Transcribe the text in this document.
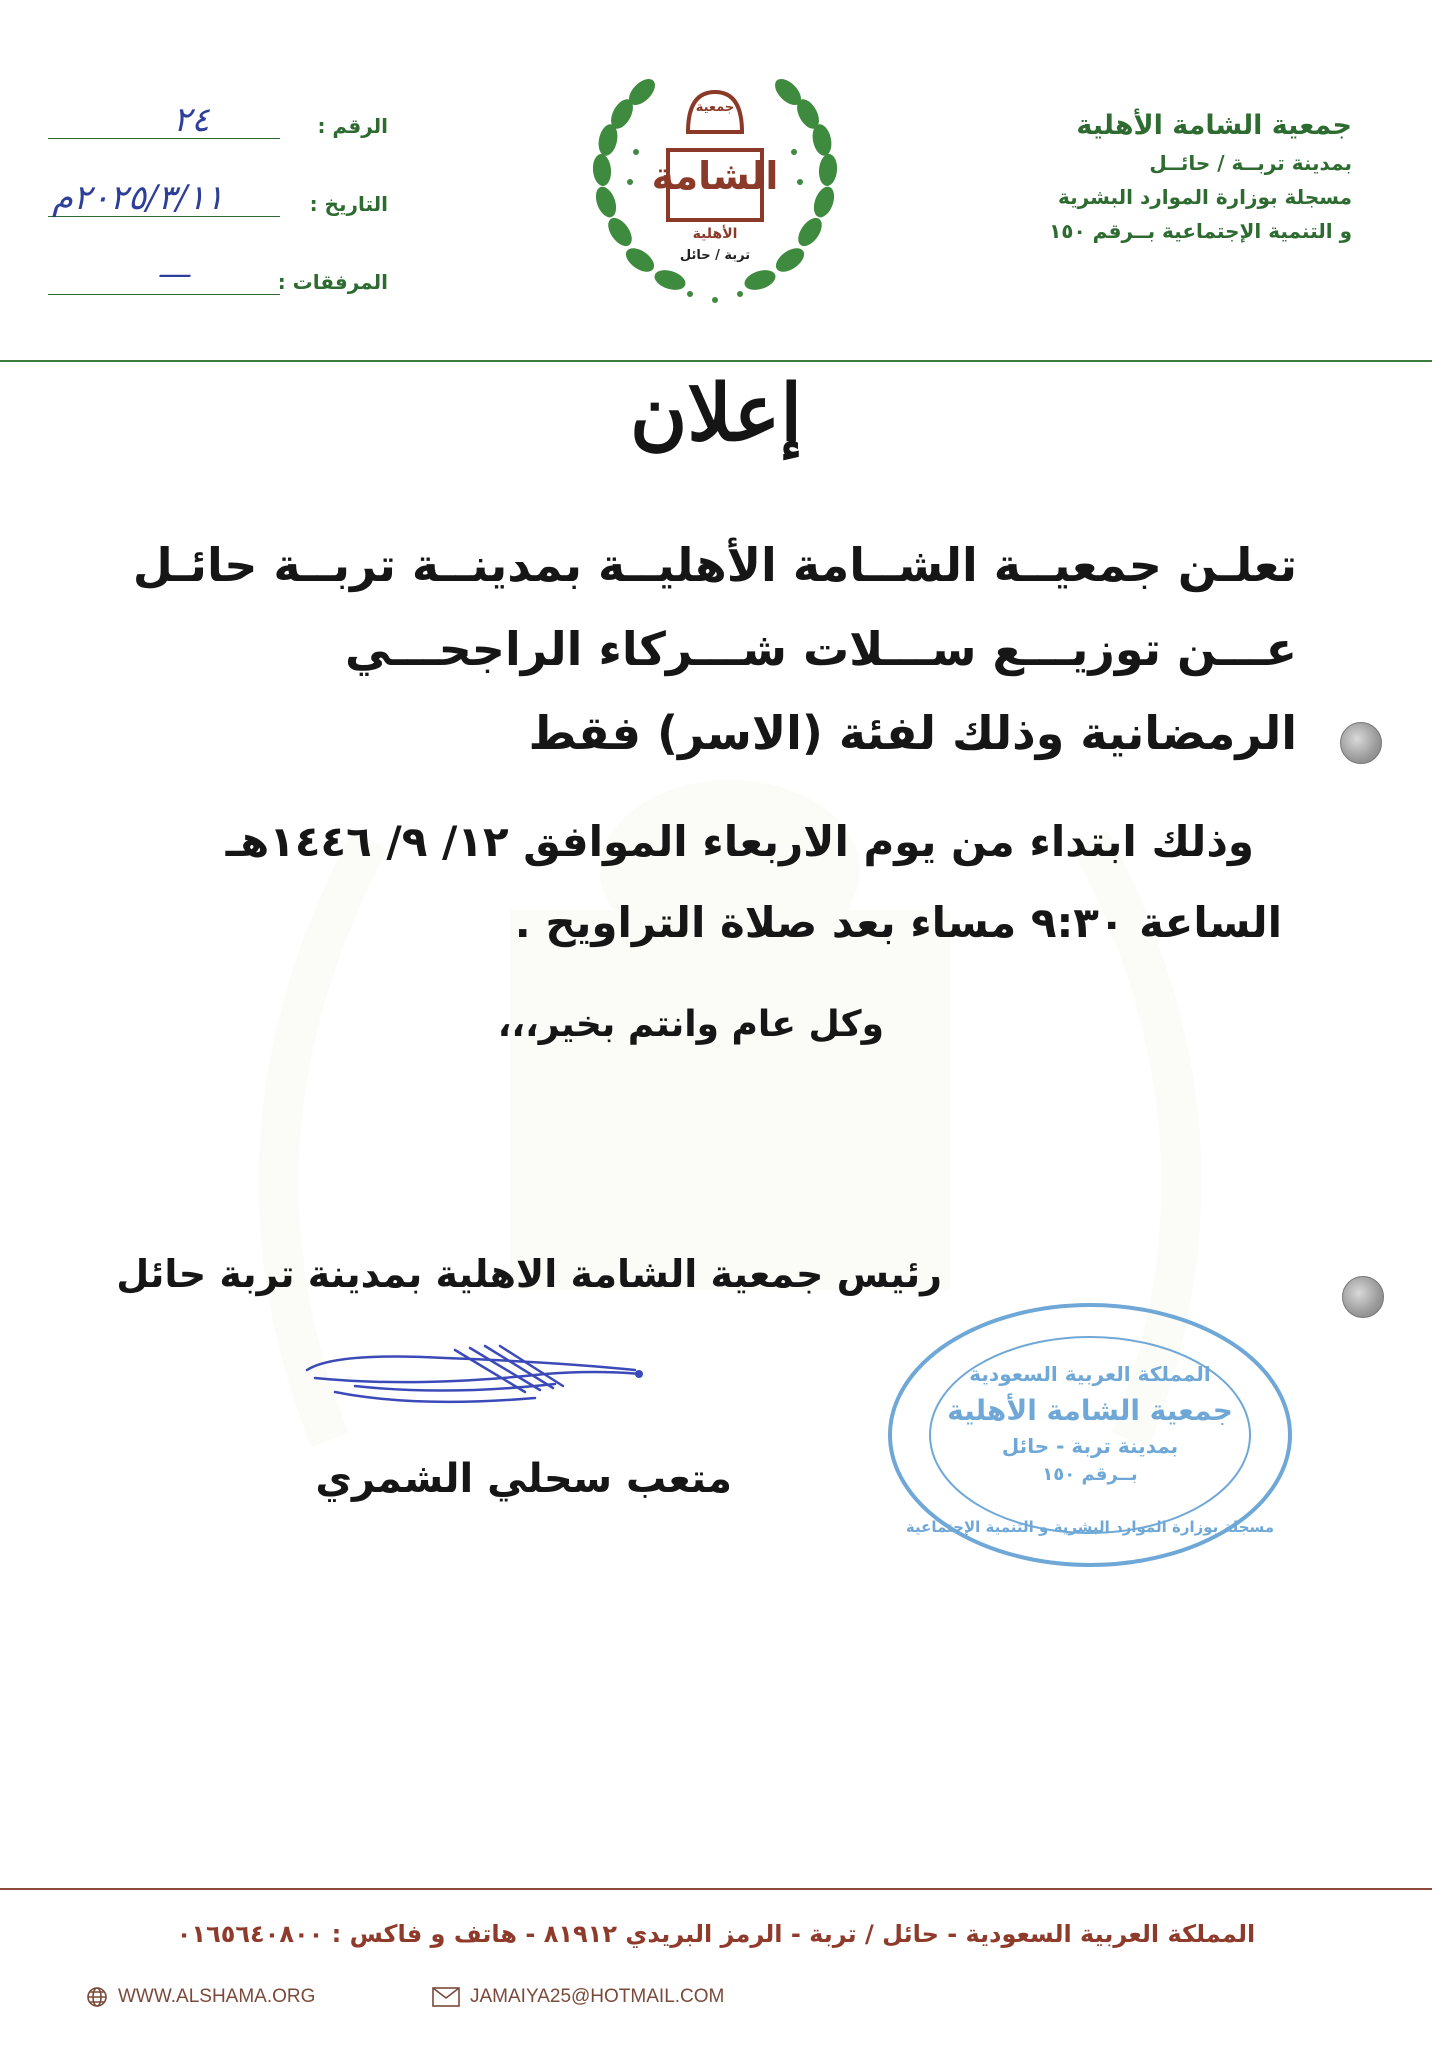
جمعية الشامة الأهلية
بمدينة تربــة / حائــل
مسجلة بوزارة الموارد البشرية
و التنمية الإجتماعية بــرقم ١٥٠
جمعية
الشامة
الأهلية
تربة / حائل
الرقم :
٢٤
التاريخ :
٢٠٢٥/٣/١١م
المرفقات :
—
إعلان
تعلـن جمعيــة الشــامة الأهليــة بمدينــة تربــة حائـل
عـــن توزيـــع ســـلات شـــركاء الراجحـــي
الرمضانية وذلك لفئة (الاسر) فقط
وذلك ابتداء من يوم الاربعاء الموافق ١٢/ ٩/ ١٤٤٦هـ
الساعة ٩:٣٠ مساء بعد صلاة التراويح .
وكل عام وانتم بخير،،،
رئيس جمعية الشامة الاهلية بمدينة تربة حائل
متعب سحلي الشمري
المملكة العربية السعودية
جمعية الشامة الأهلية
بمدينة تربة - حائل
بــرقم ١٥٠
مسجلة بوزارة الموارد البشرية و التنمية الإجتماعية
المملكة العربية السعودية - حائل / تربة - الرمز البريدي ٨١٩١٢ - هاتف و فاكس : ٠١٦٥٦٤٠٨٠٠
WWW.ALSHAMA.ORG	JAMAIYA25@HOTMAIL.COM
